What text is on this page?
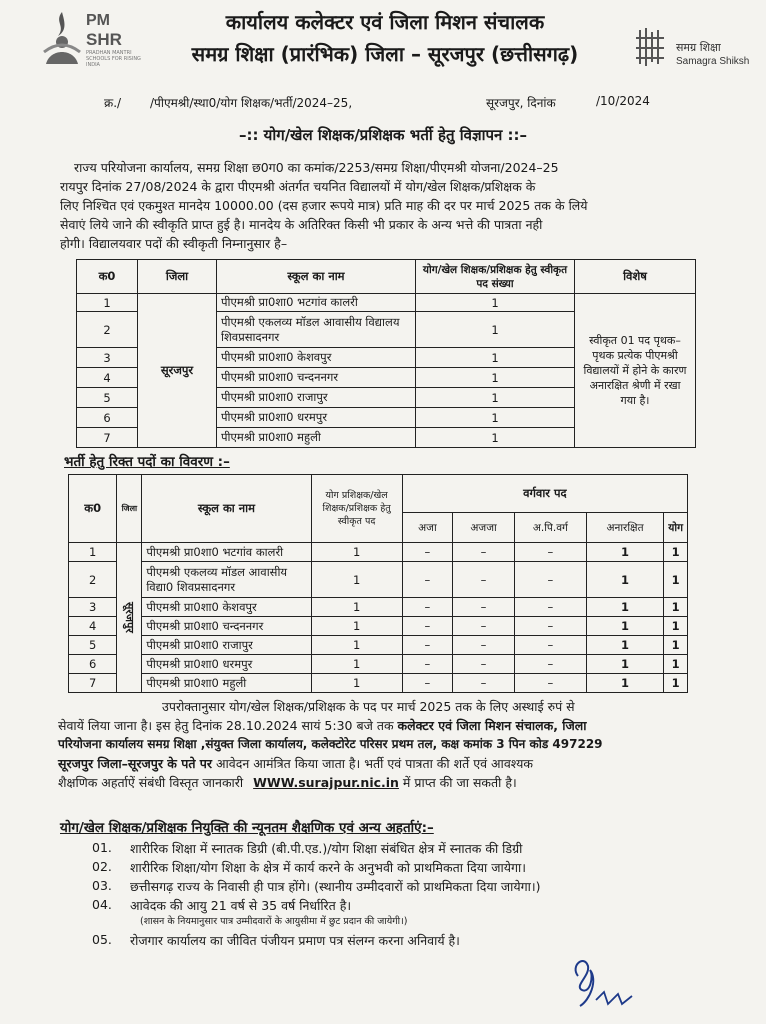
PM
SHR
PRADHAN MANTRI SCHOOLS FOR RISING INDIA
कार्यालय कलेक्टर एवं जिला मिशन संचालक
समग्र शिक्षा (प्रारंभिक) जिला – सूरजपुर (छत्तीसगढ़)	समग्र शिक्षा
Samagra Shiksh
क्र./ /पीएमश्री/स्था0/योग शिक्षक/भर्ती/2024–25,	सूरजपुर, दिनांक	/10/2024
–:: योग/खेल शिक्षक/प्रशिक्षक भर्ती हेतु विज्ञापन ::–
राज्य परियोजना कार्यालय, समग्र शिक्षा छ0ग0 का कमांक/2253/समग्र शिक्षा/पीएमश्री योजना/2024–25
रायपुर दिनांक 27/08/2024 के द्वारा पीएमश्री अंतर्गत चयनित विद्यालयों में योग/खेल शिक्षक/प्रशिक्षक के
लिए निश्चित एवं एकमुश्त मानदेय 10000.00 (दस हजार रूपये मात्र) प्रति माह की दर पर मार्च 2025 तक के लिये
सेवाएं लिये जाने की स्वीकृति प्राप्त हुई है। मानदेय के अतिरिक्त किसी भी प्रकार के अन्य भत्ते की पात्रता नही
होगी। विद्यालयवार पदों की स्वीकृती निम्नानुसार है–
क0	जिला	स्कूल का नाम	योग/खेल शिक्षक/प्रशिक्षक हेतु स्वीकृत पद संख्या	विशेष
1	सूरजपुर	पीएमश्री प्रा0शा0 भटगांव कालरी	1	स्वीकृत 01 पद पृथक–पृथक प्रत्येक पीएमश्री विद्यालयों में होने के कारण अनारक्षित श्रेणी में रखा गया है।
2		पीएमश्री एकलव्य मॉडल आवासीय विद्यालय शिवप्रसादनगर	1	
3		पीएमश्री प्रा0शा0 केशवपुर	1	
4		पीएमश्री प्रा0शा0 चन्दननगर	1	
5		पीएमश्री प्रा0शा0 राजापुर	1	
6		पीएमश्री प्रा0शा0 धरमपुर	1	
7		पीएमश्री प्रा0शा0 महुली	1	
भर्ती हेतु रिक्त पदों का विवरण :–
क0	जिला	स्कूल का नाम	योग प्रशिक्षक/खेल शिक्षक/प्रशिक्षक हेतु स्वीकृत पद	वर्गवार पद				
				अजा	अजजा	अ.पि.वर्ग	अनारक्षित	योग
1	सूरजपुर	पीएमश्री प्रा0शा0 भटगांव कालरी	1	–	–	–	1	1
2		पीएमश्री एकलव्य मॉडल आवासीय विद्या0 शिवप्रसादनगर	1	–	–	–	1	1
3		पीएमश्री प्रा0शा0 केशवपुर	1	–	–	–	1	1
4		पीएमश्री प्रा0शा0 चन्दननगर	1	–	–	–	1	1
5		पीएमश्री प्रा0शा0 राजापुर	1	–	–	–	1	1
6		पीएमश्री प्रा0शा0 धरमपुर	1	–	–	–	1	1
7		पीएमश्री प्रा0शा0 महुली	1	–	–	–	1	1
उपरोक्तानुसार योग/खेल शिक्षक/प्रशिक्षक के पद पर मार्च 2025 तक के लिए अस्थाई रुपं से
सेवायें लिया जाना है। इस हेतु दिनांक 28.10.2024 सायं 5:30 बजे तक कलेक्टर एवं जिला मिशन संचालक, जिला
परियोजना कार्यालय समग्र शिक्षा ,संयुक्त जिला कार्यालय, कलेक्टोरेट परिसर प्रथम तल, कक्ष कमांक 3 पिन कोड 497229
सूरजपुर जिला–सूरजपुर के पते पर आवेदन आमंत्रित किया जाता है। भर्ती एवं पात्रता की शर्ते एवं आवश्यक
शैक्षणिक अहर्ताऐं संबंधी विस्तृत जानकारी WWW.surajpur.nic.in में प्राप्त की जा सकती है।
योग/खेल शिक्षक/प्रशिक्षक नियुक्ति की न्यूनतम शैक्षणिक एवं अन्य अहर्ताएं:–
01. शारीरिक शिक्षा में स्नातक डिग्री (बी.पी.एड.)/योग शिक्षा संबंधित क्षेत्र में स्नातक की डिग्री
02. शारीरिक शिक्षा/योग शिक्षा के क्षेत्र में कार्य करने के अनुभवी को प्राथमिकता दिया जायेगा।
03. छत्तीसगढ़ राज्य के निवासी ही पात्र होंगे। (स्थानीय उम्मीदवारों को प्राथमिकता दिया जायेगा।)
04. आवेदक की आयु 21 वर्ष से 35 वर्ष निर्धारित है।
(शासन के नियमानुसार पात्र उम्मीदवारों के आयुसीमा में छुट प्रदान की जायेगी।)
05. रोजगार कार्यालय का जीवित पंजीयन प्रमाण पत्र संलग्न करना अनिवार्य है।
